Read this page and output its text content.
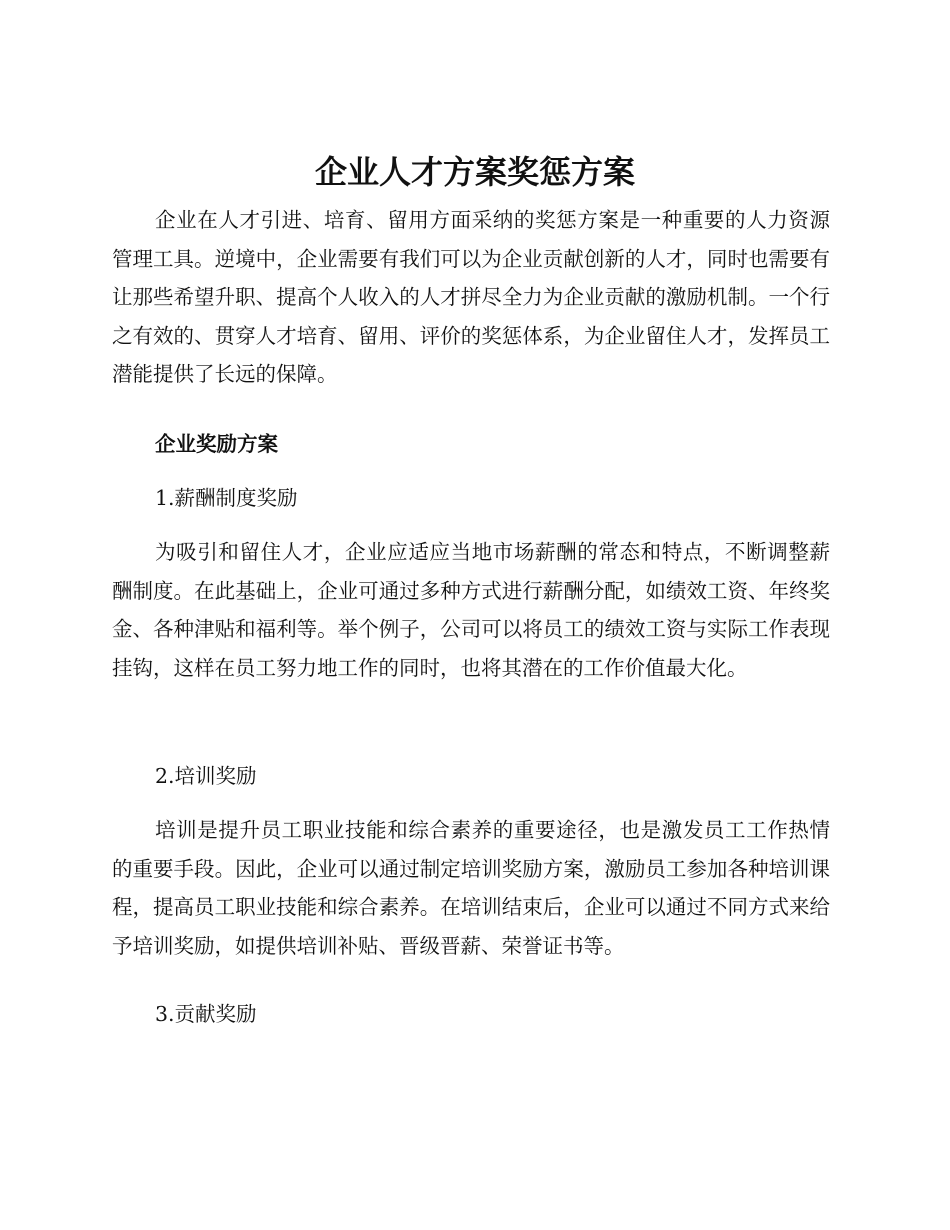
企业人才方案奖惩方案

企业在人才引进、培育、留用方面采纳的奖惩方案是一种重要的人力资源管理工具。逆境中，企业需要有我们可以为企业贡献创新的人才，同时也需要有让那些希望升职、提高个人收入的人才拼尽全力为企业贡献的激励机制。一个行之有效的、贯穿人才培育、留用、评价的奖惩体系，为企业留住人才，发挥员工潜能提供了长远的保障。

企业奖励方案

1.薪酬制度奖励

为吸引和留住人才，企业应适应当地市场薪酬的常态和特点，不断调整薪酬制度。在此基础上，企业可通过多种方式进行薪酬分配，如绩效工资、年终奖金、各种津贴和福利等。举个例子，公司可以将员工的绩效工资与实际工作表现挂钩，这样在员工努力地工作的同时，也将其潜在的工作价值最大化。

2.培训奖励

培训是提升员工职业技能和综合素养的重要途径，也是激发员工工作热情的重要手段。因此，企业可以通过制定培训奖励方案，激励员工参加各种培训课程，提高员工职业技能和综合素养。在培训结束后，企业可以通过不同方式来给予培训奖励，如提供培训补贴、晋级晋薪、荣誉证书等。

3.贡献奖励
